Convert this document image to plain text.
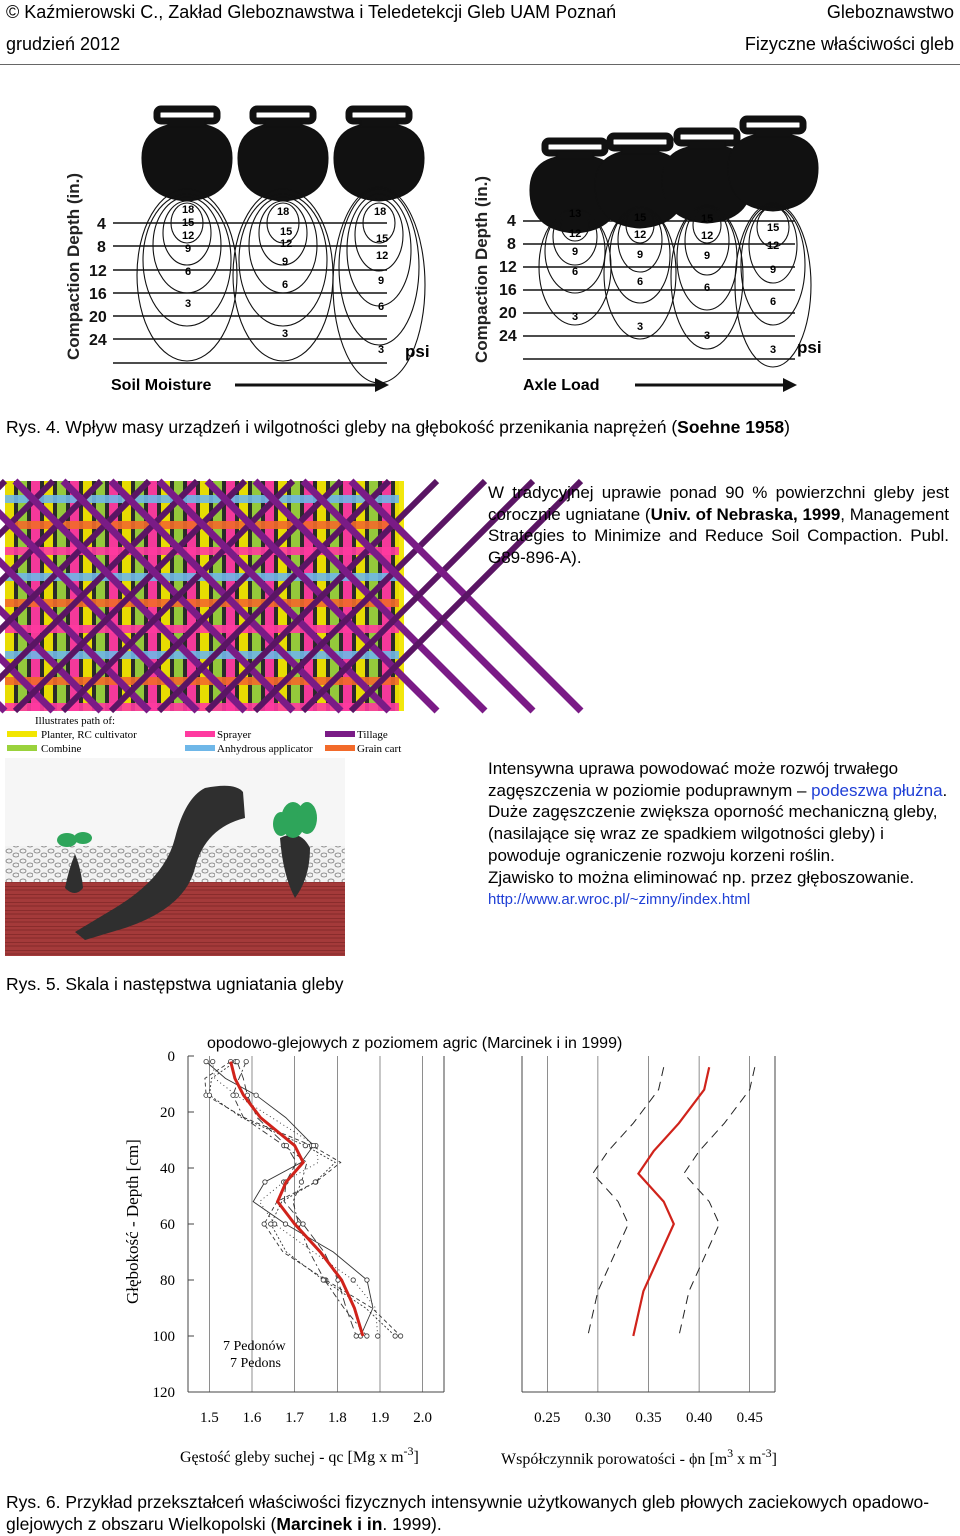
© Kaźmierowski C., Zakład Gleboznawstwa i Teledetekcji Gleb UAM Poznań
grudzień 2012
Gleboznawstwo
Fizyczne właściwości gleb
Compaction Depth (in.) 4
8
12
16
20
24
psi
Soil Moisture
18
15
12
9
6
3
18
15
12
9
6
3
18
15
12
9
6
3	Compaction Depth (in.) 4
8
12
16
20
24
psi
Axle Load
13
12
9
6
3
15
12
9
6
3
15
12
9
6
3
15
12
9
6
3
Rys. 4. Wpływ masy urządzeń i wilgotności gleby na głębokość przenikania naprężeń (Soehne 1958)
Illustrates path of:
Planter, RC cultivator
Combine
Sprayer
Anhydrous applicator
Tillage
Grain cart
W tradycyjnej uprawie ponad 90 % powierzchni gleby jest corocznie ugniatane (Univ. of Nebraska, 1999, Management Strategies to Minimize and Reduce Soil Compaction. Publ. G89-896-A).
Intensywna uprawa powodować może rozwój trwałego zagęszczenia w poziomie poduprawnym – podeszwa płużna. Duże zagęszczenie zwiększa oporność mechaniczną gleby, (nasilające się wraz ze spadkiem wilgotności gleby) i powoduje ograniczenie rozwoju korzeni roślin.
Zjawisko to można eliminować np. przez głęboszowanie.
http://www.ar.wroc.pl/~zimny/index.html
Rys. 5. Skala i następstwa ugniatania gleby
opodowo-glejowych z poziomem agric (Marcinek i in 1999)
Głębokość - Depth [cm]
0
20
40
60
80
100
120
1.5 1.6 1.7 1.8 1.9 2.0	0.25 0.30 0.35 0.40 0.45
7 Pedonów
7 Pedons
Gęstość gleby suchej - qc [Mg x $m^{-3}$]	Współczynnik porowatości - ϕn [$m^3$ x $m^{-3}$]
Rys. 6. Przykład przekształceń właściwości fizycznych intensywnie użytkowanych gleb płowych zaciekowych opadowo-glejowych z obszaru Wielkopolski (Marcinek i in. 1999).
